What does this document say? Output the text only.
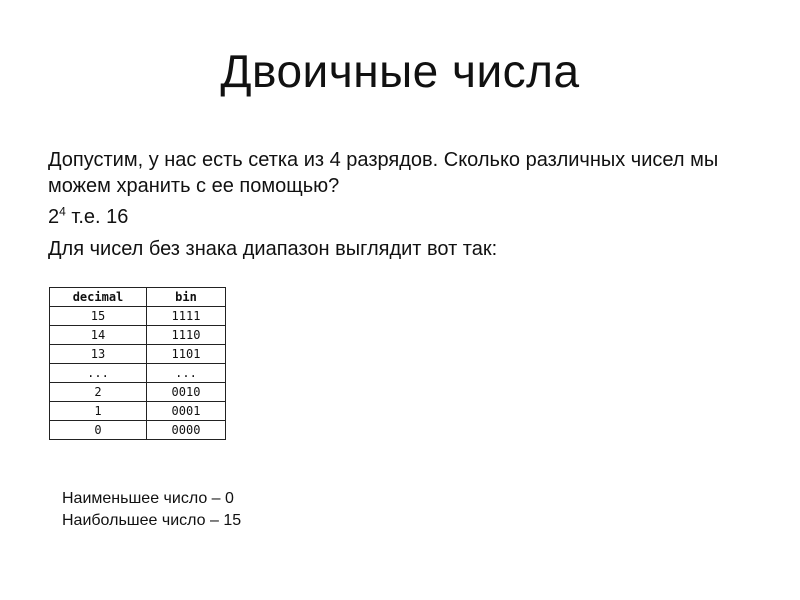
Двоичные числа

Допустим, у нас есть сетка из 4 разрядов. Сколько различных чисел мы можем хранить с ее помощью?

$2^4$ т.е. 16

Для чисел без знака диапазон выглядит вот так:

decimal	bin
15	1111
14	1110
13	1101
...	...
2	0010
1	0001
0	0000
Наименьшее число – 0
Наибольшее число – 15
